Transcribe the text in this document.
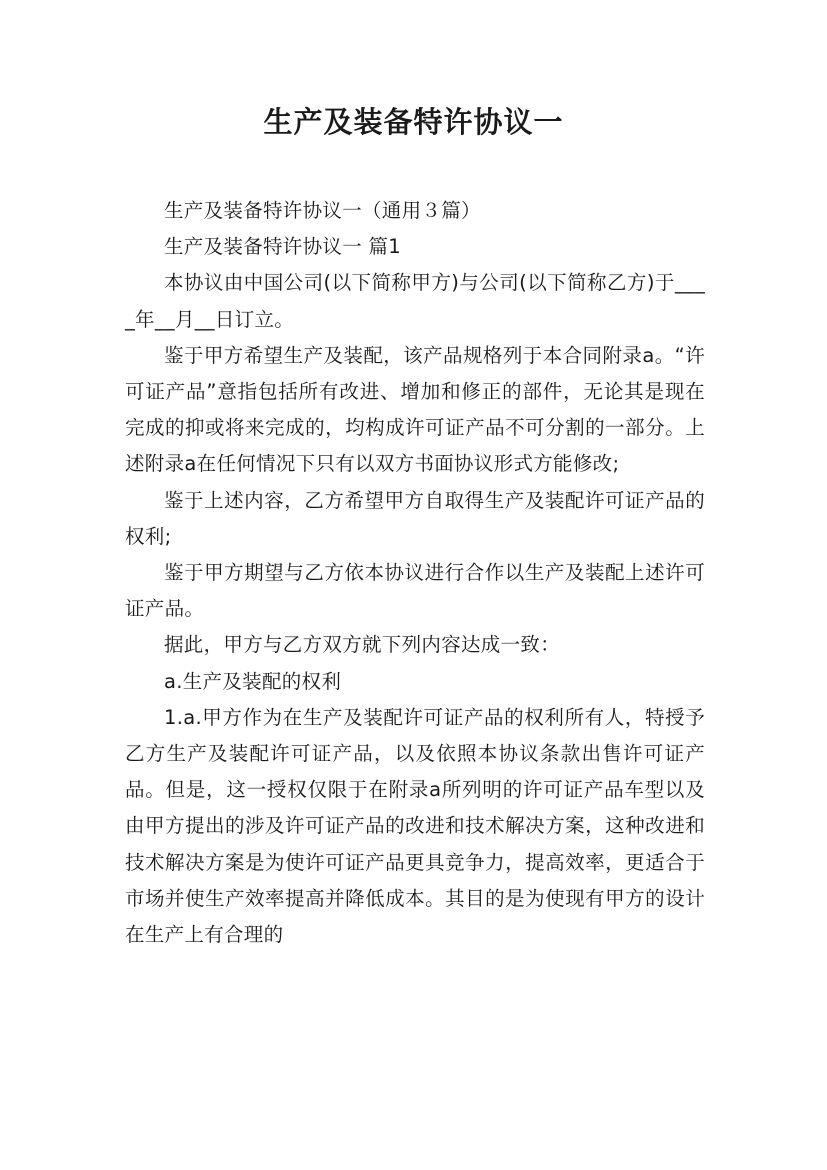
生产及装备特许协议一

生产及装备特许协议一（通用３篇）

生产及装备特许协议一 篇1

本协议由中国公司(以下简称甲方)与公司(以下简称乙方)于____年__月__日订立。

鉴于甲方希望生产及装配，该产品规格列于本合同附录a。“许可证产品”意指包括所有改进、增加和修正的部件，无论其是现在完成的抑或将来完成的，均构成许可证产品不可分割的一部分。上述附录a在任何情况下只有以双方书面协议形式方能修改;

鉴于上述内容，乙方希望甲方自取得生产及装配许可证产品的权利;

鉴于甲方期望与乙方依本协议进行合作以生产及装配上述许可证产品。

据此，甲方与乙方双方就下列内容达成一致：

a.生产及装配的权利

1.a.甲方作为在生产及装配许可证产品的权利所有人，特授予乙方生产及装配许可证产品，以及依照本协议条款出售许可证产品。但是，这一授权仅限于在附录a所列明的许可证产品车型以及由甲方提出的涉及许可证产品的改进和技术解决方案，这种改进和技术解决方案是为使许可证产品更具竞争力，提高效率，更适合于市场并使生产效率提高并降低成本。其目的是为使现有甲方的设计在生产上有合理的
